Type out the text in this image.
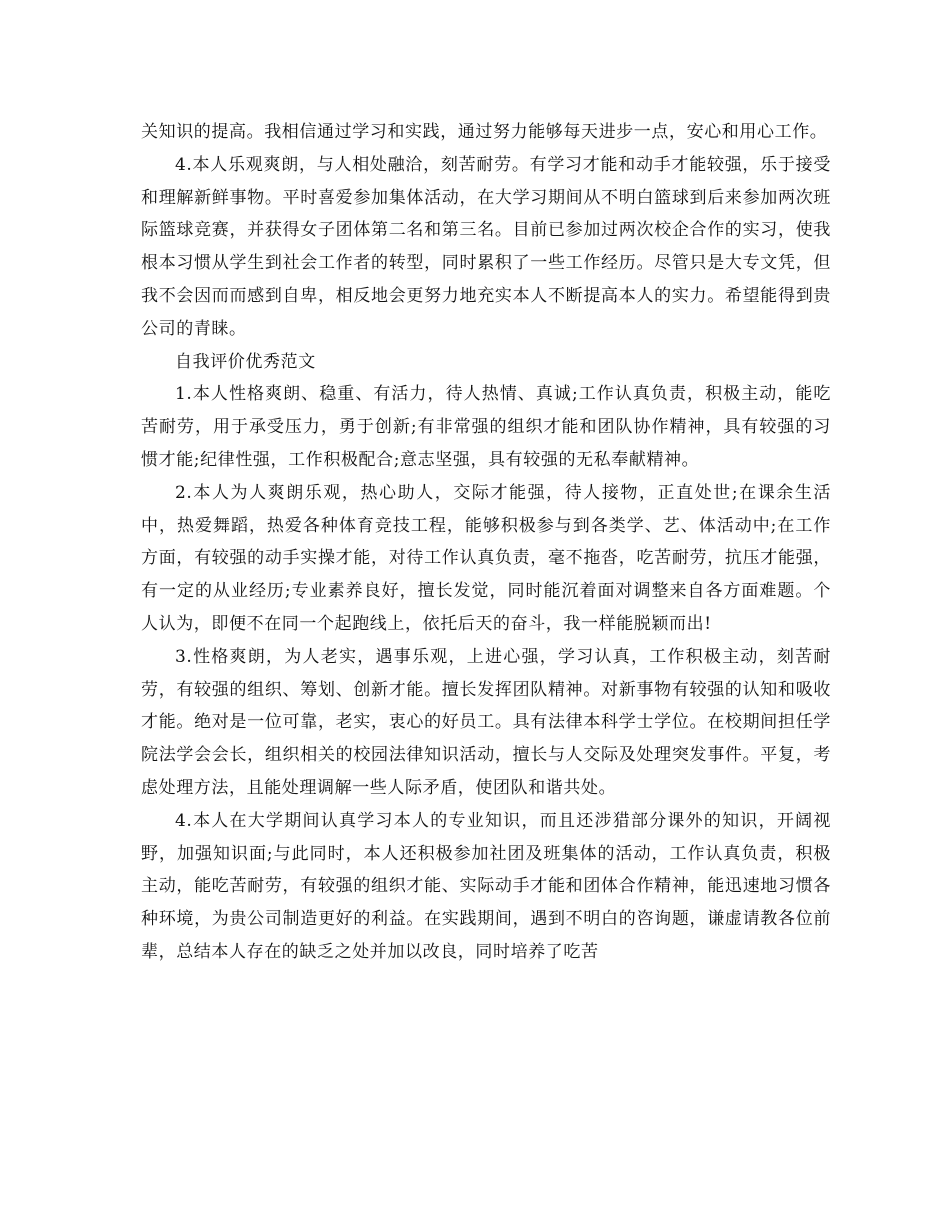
关知识的提高。我相信通过学习和实践，通过努力能够每天进步一点，安心和用心工作。

4.本人乐观爽朗，与人相处融洽，刻苦耐劳。有学习才能和动手才能较强，乐于接受和理解新鲜事物。平时喜爱参加集体活动，在大学习期间从不明白篮球到后来参加两次班际篮球竞赛，并获得女子团体第二名和第三名。目前已参加过两次校企合作的实习，使我根本习惯从学生到社会工作者的转型，同时累积了一些工作经历。尽管只是大专文凭，但我不会因而而感到自卑，相反地会更努力地充实本人不断提高本人的实力。希望能得到贵公司的青睐。

自我评价优秀范文

1.本人性格爽朗、稳重、有活力，待人热情、真诚;工作认真负责，积极主动，能吃苦耐劳，用于承受压力，勇于创新;有非常强的组织才能和团队协作精神，具有较强的习惯才能;纪律性强，工作积极配合;意志坚强，具有较强的无私奉献精神。

2.本人为人爽朗乐观，热心助人，交际才能强，待人接物，正直处世;在课余生活中，热爱舞蹈，热爱各种体育竞技工程，能够积极参与到各类学、艺、体活动中;在工作方面，有较强的动手实操才能，对待工作认真负责，毫不拖沓，吃苦耐劳，抗压才能强，有一定的从业经历;专业素养良好，擅长发觉，同时能沉着面对调整来自各方面难题。个人认为，即便不在同一个起跑线上，依托后天的奋斗，我一样能脱颖而出!

3.性格爽朗，为人老实，遇事乐观，上进心强，学习认真，工作积极主动，刻苦耐劳，有较强的组织、筹划、创新才能。擅长发挥团队精神。对新事物有较强的认知和吸收才能。绝对是一位可靠，老实，衷心的好员工。具有法律本科学士学位。在校期间担任学院法学会会长，组织相关的校园法律知识活动，擅长与人交际及处理突发事件。平复，考虑处理方法，且能处理调解一些人际矛盾，使团队和谐共处。

4.本人在大学期间认真学习本人的专业知识，而且还涉猎部分课外的知识，开阔视野，加强知识面;与此同时，本人还积极参加社团及班集体的活动，工作认真负责，积极主动，能吃苦耐劳，有较强的组织才能、实际动手才能和团体合作精神，能迅速地习惯各种环境，为贵公司制造更好的利益。在实践期间，遇到不明白的咨询题，谦虚请教各位前辈，总结本人存在的缺乏之处并加以改良，同时培养了吃苦
